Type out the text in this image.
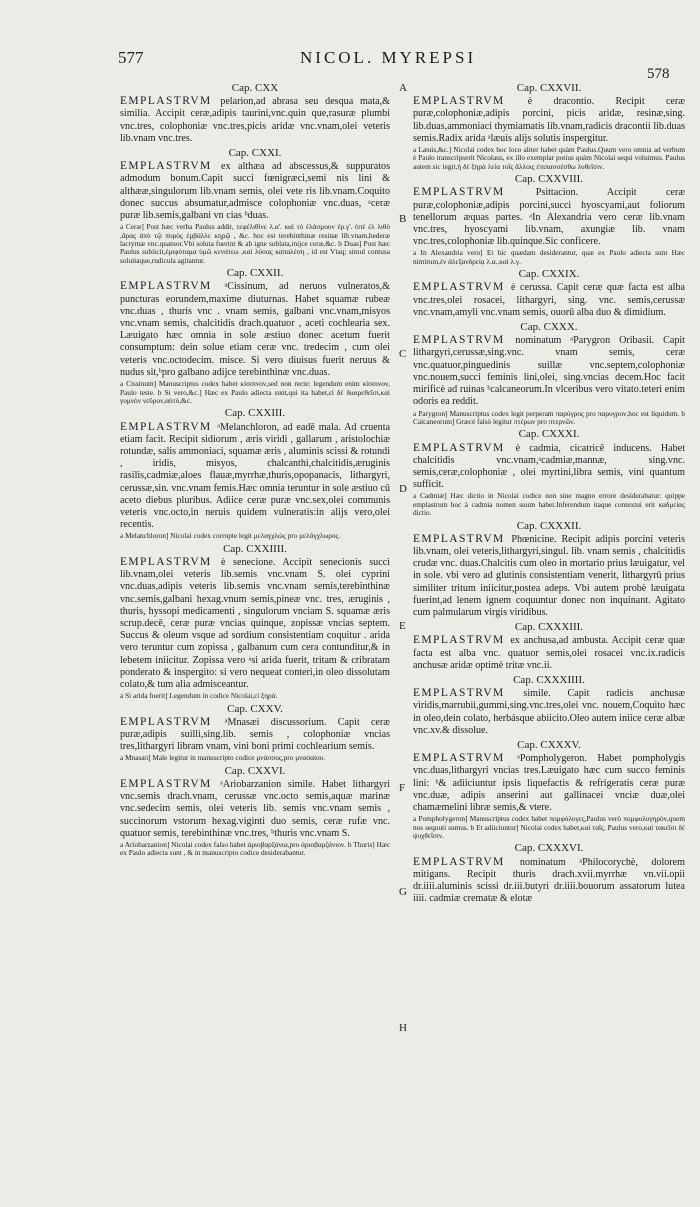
577	NICOL. MYREPSI
578
A
B
C
D
E
F
G
H
Cap. CXX
EMPLASTRVM pelarion,ad abrasa seu desqua mata,& similia. Accipit ceræ,adipis taurini,vnc.quin que,rasuræ plumbi vnc.tres, colophoniæ vnc.tres,picis aridæ vnc.vnam,olei veteris lib.vnam vnc.tres.
Cap. CXXI.
EMPLASTRVM ex althæa ad abscessus,& suppuratos admodum bonum.Capit succi fœnigræci,semi nis lini & althææ,singulorum lib.vnam semis, olei vete ris lib.vnam.Coquito donec succus absumatur,admisce colophoniæ vnc.duas, ᵃceræ puræ lib.semis,galbani vn cias ᵇduas.
a Ceræ] Post hæc verba Paulus addit, τεφέλιθίνε λ.α'. καὶ τὸ ἐλάσμουν ἐρ.γ'. ὁπὲ ἐλ λιθὸ ,ἄρας ἀπὸ τῷ πυρὸς ἐμβάλλε κηρῷ , &c. hoc est terebinthinæ resinæ lib.vnam,hederæ lacrymæ vnc.quatuor.Vbi soluta fuerint & ab igne sublata,inijce ceræ,&c. b Duas] Post hæc Paulus subiicit,ἐμιφόταμα ὑμῶ κενάτεω ,καὶ λύσας καπαλέση , id est Vtaq; simul contusa soluitaque,rudicula agitantur.
Cap. CXXII.
EMPLASTRVM ᵃCissinum, ad neruos vulneratos,& puncturas eorundem,maxime diuturnas. Habet squamæ rubeæ vnc.duas , thuris vnc . vnam semis, galbani vnc.vnam,misyos vnc.vnam semis, chalcitidis drach.quatuor , aceti cochlearia sex. Læuigato hæc omnia in sole æstiuo donec acetum fuerit consumptum: dein solue etiam ceræ vnc. tredecim , cum olei veteris vnc.octodecim. misce. Si vero diuisus fuerit neruus & nudus sit,ᵇpro galbano adijce terebinthinæ vnc.duas.
a Cissinum] Manuscriptus codex habet κίσσινον,sed non recte: legendum enim κίσσινον, Paulo teste. b Si vero,&c.] Hæc ex Paulo adiecta sunt,qui ita habet,εἰ δὲ διαιρεθεῖσι,καὶ γυμνὸν νεῦρον,αὐτὸ,&c.
Cap. CXXIII.
EMPLASTRVM ᵃMelanchloron, ad eadē mala. Ad cruenta etiam facit. Recipit sidiorum , æris viridi , gallarum , aristolochiæ rotundæ, salis ammoniaci, squamæ æris , aluminis scissi & rotundi , iridis, misyos, chalcanthi,chalcitidis,æruginis rasilis,cadmiæ,aloes flauæ,myrrhæ,thuris,opopanacis, lithargyri, cerussæ,sin. vnc.vnam femis.Hæc omnia teruntur in sole æstiuo cū aceto diebus pluribus. Adiice ceræ puræ vnc.sex,olei communis veteris vnc.octo,in neruis quidem vulneratis:in alijs vero,olei recentis.
a Melanchloron] Nicolai codex corrupte legit μελαγχλώς pro μελάγχλωρος.
Cap. CXXIIII.
EMPLASTRVM è senecione. Accipit senecionis succi lib.vnam,olei veteris lib.semis vnc.vnam S. olei cyprini vnc.duas,adipis veteris lib.semis vnc.vnam semis,terebinthinæ vnc.semis,galbani hexag.vnum semis,pineæ vnc. tres, æruginis , thuris, hyssopi medicamenti , singulorum vnciam S. squamæ æris scrup.decē, ceræ puræ vncias quinque, zopissæ vncias septem. Succus & oleum vsque ad sordium consistentiam coquitur . arida vero teruntur cum zopissa , galbanum cum cera contunditur,& in lebetem iniicitur. Zopissa vero ᵃsi arida fuerit, tritam & cribratam ponderato & inspergito: si vero nequeat conteri,in oleo dissolutam colato,& tum alia admisceantur.
a Si arida fuerit] Legendum in codice Nicolai,εἰ ξηρὰ.
Cap. CXXV.
EMPLASTRVM ᵃMnasæi discussorium. Capit ceræ puræ,adipis suilli,sing.lib. semis , colophoniæ vncias tres,lithargyri libram vnam, vini boni primi cochlearium semis.
a Mnasæi] Male legitur in manuscripto codice μνάσσος,pro μνασαίου.
Cap. CXXVI.
EMPLASTRVM ᵃAriobarzanion simile. Habet lithargyri vnc.semis drach.vnam, cerussæ vnc.octo semis,aquæ marinæ vnc.sedecim semis, olei veteris lib. semis vnc.vnam semis , succinorum vstorum hexag.viginti duo semis, ceræ rufæ vnc. quatuor semis, terebinthinæ vnc.tres, ᵇthuris vnc.vnam S.
a Ariobarzanion] Nicolai codex falso habet ἀριοβαρξάνια,pro ἀριοβαρζάνιον. b Thuris] Hæc ex Paulo adiecta sunt , & in manuscripto codice desiderabantur.
Cap. CXXVII.
EMPLASTRVM è dracontio. Recipit ceræ puræ,colophoniæ,adipis porcini, picis aridæ, resinæ,sing. lib.duas,ammoniaci thymiamatis lib.vnam,radicis dracontii lib.duas semis.Radix arida ᵃlæuis alijs solutis inspergitur.
a Læuis,&c.] Nicolai codex hoc loco aliter habet quàm Paulus.Quum vero omnia ad verbum è Paulo transcripserit Nicolaus, ex illo exemplar potius quàm Nicolai sequi voluimus. Paulus autem sic legit,ἡ δὲ ξηρὰ λεία τοῖς ἄλλοις ἐπιπασσέσθω λυθεῖσιν.
Cap. CXXVIII.
EMPLASTRVM Psittacion. Accipit ceræ puræ,colophoniæ,adipis porcini,succi hyoscyami,aut foliorum tenellorum æquas partes. ᵃIn Alexandria vero ceræ lib.vnam vnc.tres, hyoscyami lib.vnam, axungiæ lib. vnam vnc.tres,colophoniæ lib.quinque.Sic conficere.
a In Alexandria vero] Et hic quædam desiderantur, quæ ex Paulo adiecta sunt Hæc nimirum,ἐν ἀλεξανδρείᾳ λ.α.,καὶ λ.γ.
Cap. CXXIX.
EMPLASTRVM è cerussa. Capit ceræ quæ facta est alba vnc.tres,olei rosacei, lithargyri, sing. vnc. semis,cerussæ vnc.vnam,amyli vnc.vnam semis, ouorū alba duo & dimidium.
Cap. CXXX.
EMPLASTRVM nominatum ᵃParygron Oribasii. Capit lithargyri,cerussæ,sing.vnc. vnam semis, ceræ vnc.quatuor,pinguedinis suillæ vnc.septem,colophoniæ vnc.nouem,succi feminis lini,olei, sing.vncias decem.Hoc facit mirificè ad ruinas ᵇcalcaneorum.In vlceribus vero vitato.teteri enim odoris ea reddit.
a Parygron] Manuscriptus codex legit perperam παρύγρος pro παρυγρον,hoc est liquidum. b Calcaneorum] Græcè falsò legitur πτέρων pro πτερνῶν.
Cap. CXXXI.
EMPLASTRVM è cadmia, cicatricē inducens. Habet chalcitidis vnc.vnam,ᵃcadmiæ,mannæ, sing.vnc. semis,ceræ,colophoniæ , olei myrtini,libra semis, vini quantum sufficit.
a Cadmiæ] Hæc dictio in Nicolai codice non sine magno errore desiderabatur: quippe emplastrum hoc à cadmia nomen suum habet.Inferendum itaque contextui erit καδμείας dictio.
Cap. CXXXII.
EMPLASTRVM Phœnicine. Recipit adipis porcini veteris lib.vnam, olei veteris,lithargyri,singul. lib. vnam semis , chalcitidis crudæ vnc. duas.Chalcitis cum oleo in mortario prius læuigatur, vel in sole. vbi vero ad glutinis consistentiam venerit, lithargyrū prius similiter tritum iniicitur,postea adeps. Vbi autem probè læuigata fuerint,ad lenem ignem coquuntur donec non inquinant. Agitato cum palmularum virgis viridibus.
Cap. CXXXIII.
EMPLASTRVM ex anchusa,ad ambusta. Accipit ceræ quæ facta est alba vnc. quatuor semis,olei rosacei vnc.ix.radicis anchusæ aridæ optimè tritæ vnc.ii.
Cap. CXXXIIII.
EMPLASTRVM simile. Capit radicis anchusæ viridis,marrubii,gummi,sing.vnc.tres,olei vnc. nouem,Coquito hæc in oleo,dein colato, herbásque abiicito.Oleo autem iniice ceræ albæ vnc.xv.& dissolue.
Cap. CXXXV.
EMPLASTRVM ᵃPompholygeron. Habet pompholygis vnc.duas,lithargyri vncias tres.Læuigato hæc cum succo feminis lini: ᵇ& adiiciuntur ipsis liquefactis & refrigeratis ceræ puræ vnc.duæ, adipis anserini aut gallinacei vnciæ duæ,olei chamæmelini libræ semis,& vtere.
a Pompholygeron] Manuscriptus codex habet πομφόλυγες,Paulus verò πομφολυγηρὸν,quem nos sequuti sumus. b Et adiiciuntur] Nicolai codex habet,καὶ ταῖς. Paulus vero,καὶ τακεῖσι δὲ ψυχθεῖσιν.
Cap. CXXXVI.
EMPLASTRVM nominatum ᵃPhilocorychè, dolorem mitigans. Recipit thuris drach.xvii.myrrhæ vn.vii.opii dr.iiii.aluminis scissi dr.iii.butyri dr.iiii.bouorum assatorum lutea iiii. cadmiæ crematæ & elotæ
